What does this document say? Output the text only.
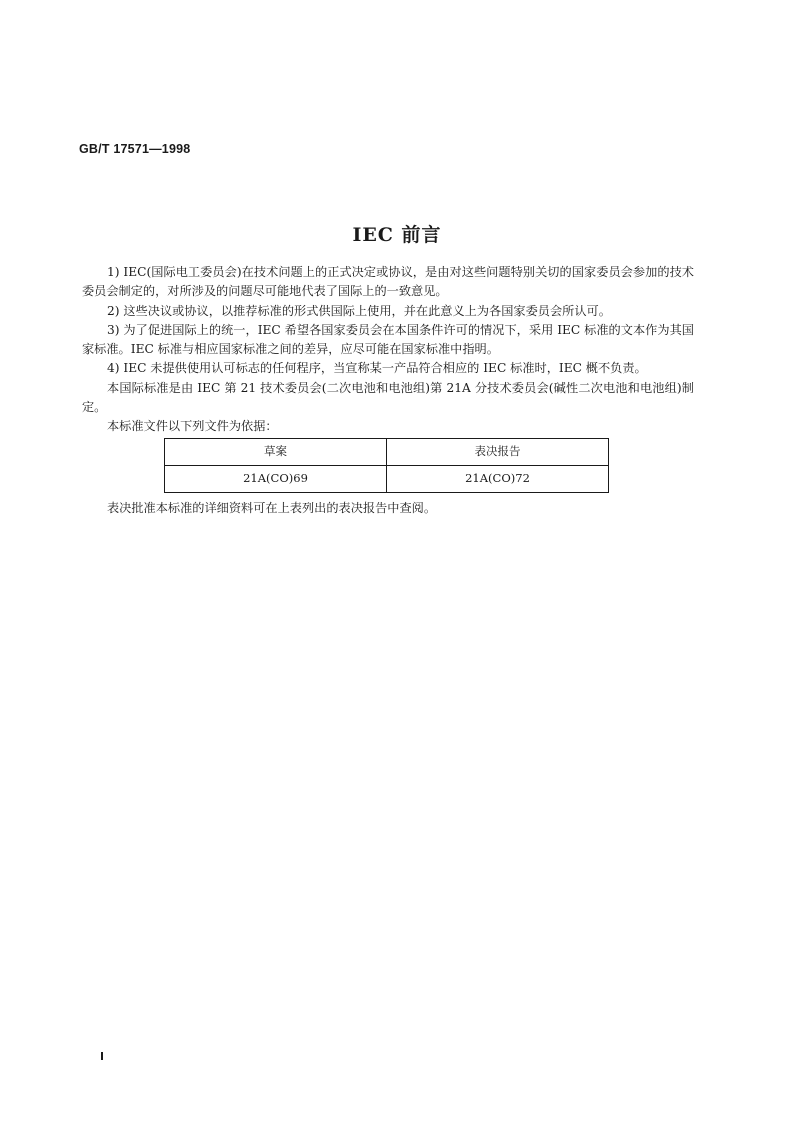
GB/T 17571—1998
IEC 前言

1) IEC(国际电工委员会)在技术问题上的正式决定或协议，是由对这些问题特别关切的国家委员会参加的技术委员会制定的，对所涉及的问题尽可能地代表了国际上的一致意见。

2) 这些决议或协议，以推荐标准的形式供国际上使用，并在此意义上为各国家委员会所认可。

3) 为了促进国际上的统一，IEC 希望各国家委员会在本国条件许可的情况下，采用 IEC 标准的文本作为其国家标准。IEC 标准与相应国家标准之间的差异，应尽可能在国家标准中指明。

4) IEC 未提供使用认可标志的任何程序，当宣称某一产品符合相应的 IEC 标准时，IEC 概不负责。

本国际标准是由 IEC 第 21 技术委员会(二次电池和电池组)第 21A 分技术委员会(碱性二次电池和电池组)制定。

本标准文件以下列文件为依据：

草案	表决报告
21A(CO)69	21A(CO)72

表决批准本标准的详细资料可在上表列出的表决报告中查阅。
